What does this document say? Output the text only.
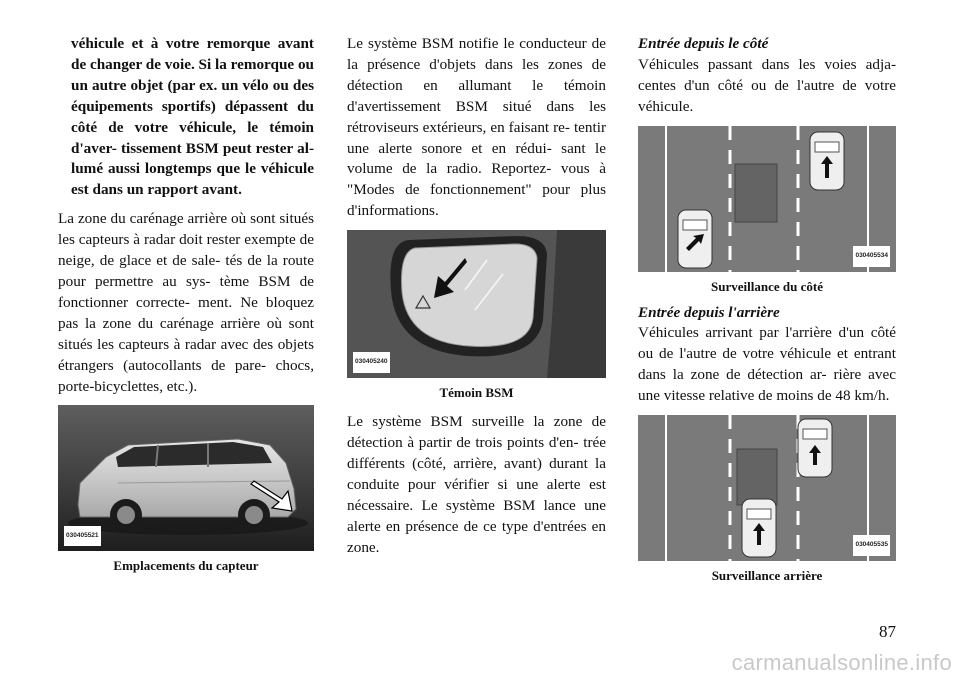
véhicule et à votre remorque avant de changer de voie. Si la remorque ou un autre objet (par ex. un vélo ou des équipements sportifs) dépassent du côté de votre véhicule, le témoin d'aver- tissement BSM peut rester al- lumé aussi longtemps que le véhicule est dans un rapport avant.

La zone du carénage arrière où sont situés les capteurs à radar doit rester exempte de neige, de glace et de sale- tés de la route pour permettre au sys- tème BSM de fonctionner correcte- ment. Ne bloquez pas la zone du carénage arrière où sont situés les capteurs à radar avec des objets étrangers (autocollants de pare- chocs, porte-bicyclettes, etc.).

030405521
Emplacements du capteur

Le système BSM notifie le conducteur de la présence d'objets dans les zones de détection en allumant le témoin d'avertissement BSM situé dans les rétroviseurs extérieurs, en faisant re- tentir une alerte sonore et en rédui- sant le volume de la radio. Reportez- vous à "Modes de fonctionnement" pour plus d'informations.

030405240
Témoin BSM

Le système BSM surveille la zone de détection à partir de trois points d'en- trée différents (côté, arrière, avant) durant la conduite pour vérifier si une alerte est nécessaire. Le système BSM lance une alerte en présence de ce type d'entrées en zone.

Entrée depuis le côté

Véhicules passant dans les voies adja- centes d'un côté ou de l'autre de votre véhicule.

030405534
Surveillance du côté

Entrée depuis l'arrière

Véhicules arrivant par l'arrière d'un côté ou de l'autre de votre véhicule et entrant dans la zone de détection ar- rière avec une vitesse relative de moins de 48 km/h.

030405535
Surveillance arrière
87
carmanualsonline.info
